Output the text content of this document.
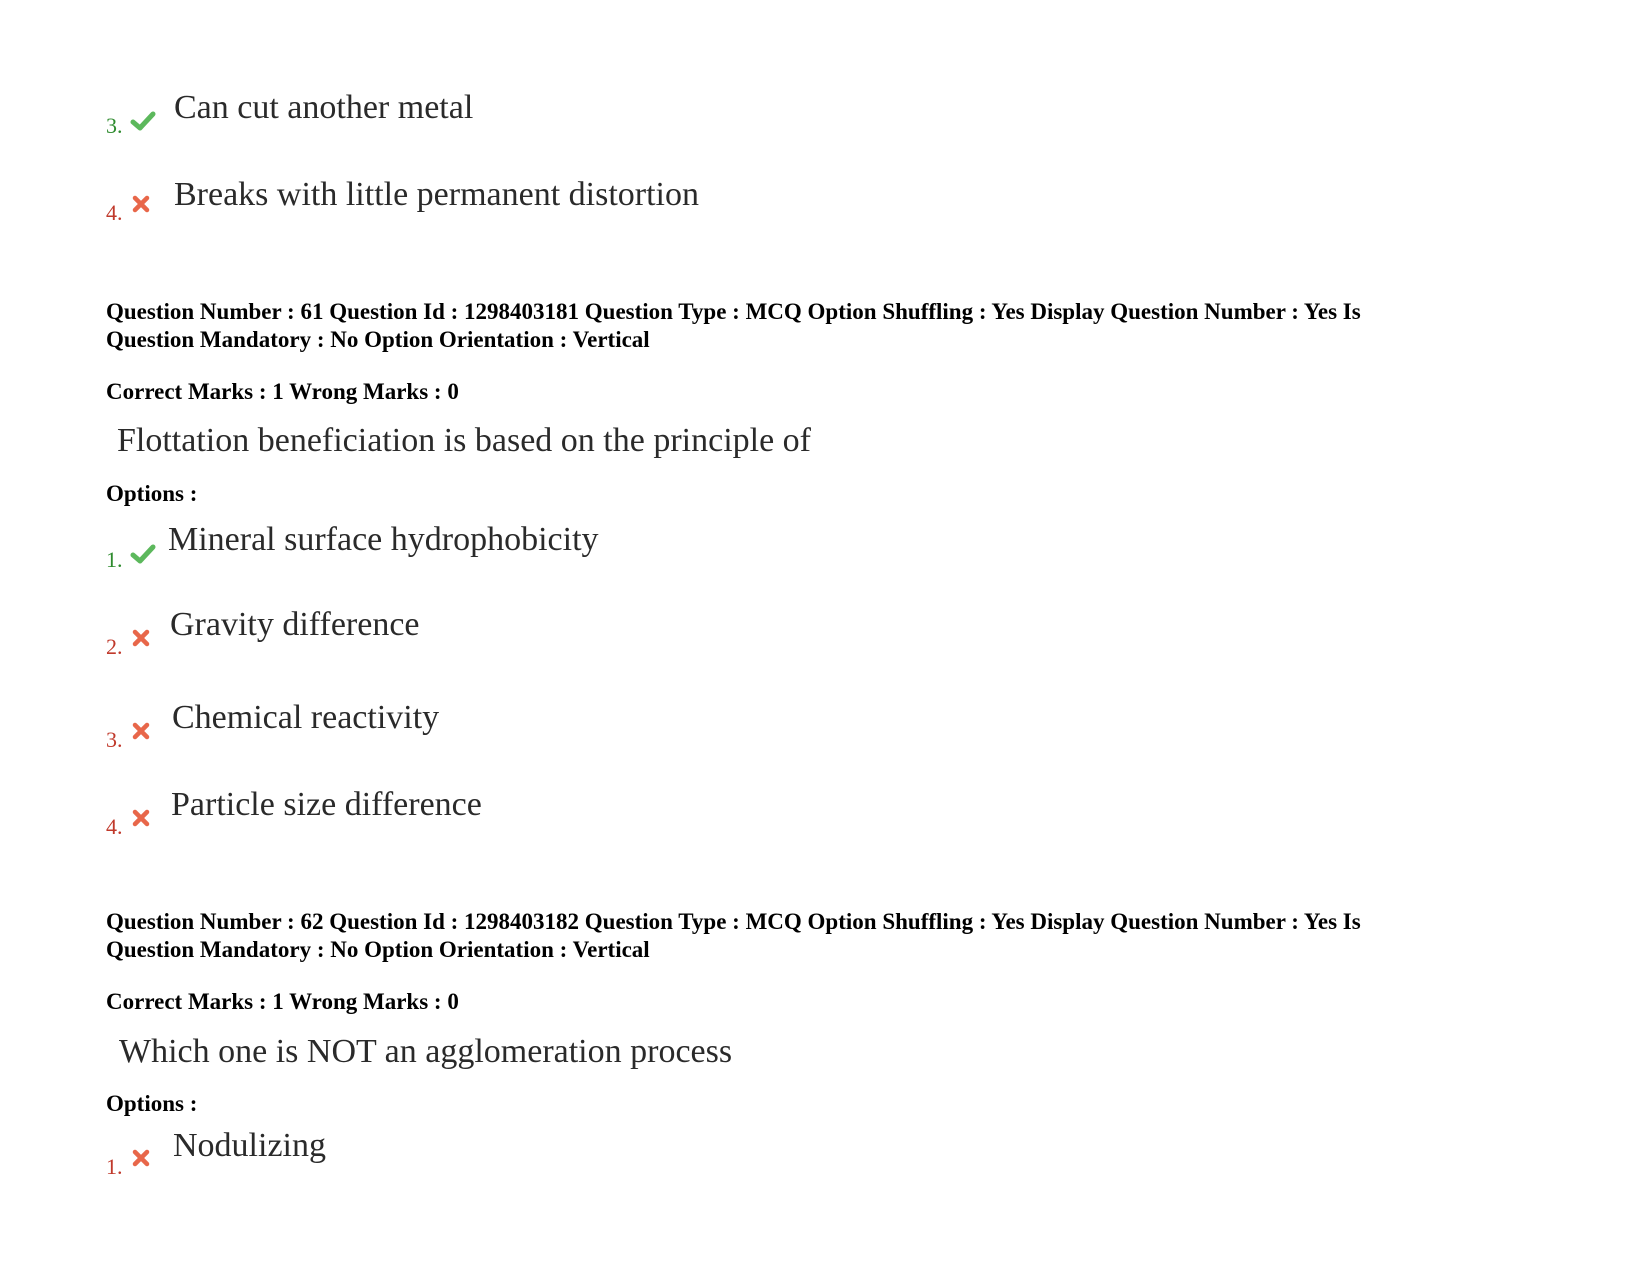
3. Can cut another metal
4. Breaks with little permanent distortion
Question Number : 61 Question Id : 1298403181 Question Type : MCQ Option Shuffling : Yes Display Question Number : Yes Is
Question Mandatory : No Option Orientation : Vertical
Correct Marks : 1 Wrong Marks : 0
Flottation beneficiation is based on the principle of
Options :
1.
Mineral surface hydrophobicity
2.
Gravity difference
3.
Chemical reactivity
4.
Particle size difference
Question Number : 62 Question Id : 1298403182 Question Type : MCQ Option Shuffling : Yes Display Question Number : Yes Is
Question Mandatory : No Option Orientation : Vertical
Correct Marks : 1 Wrong Marks : 0
Which one is NOT an agglomeration process
Options :
1.
Nodulizing
